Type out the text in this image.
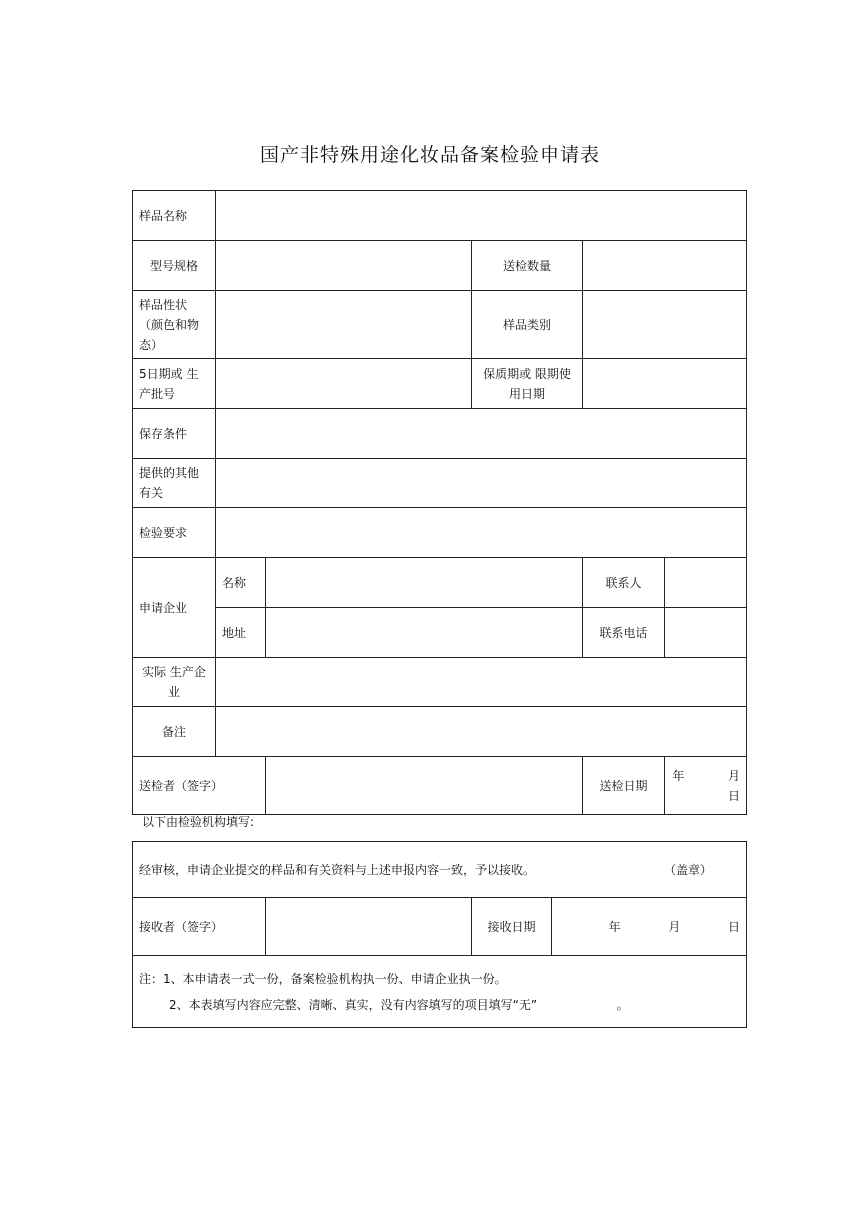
国产非特殊用途化妆品备案检验申请表
样品名称					
型号规格			送检数量		
样品性状（颜色和物态）			样品类别		
5日期或 生产批号			保质期或 限期使用日期		
保存条件					
提供的其他有关					
检验要求					
申请企业	名称			联系人	
	地址			联系电话	
实际 生产企业					
备注					
送检者（签字）				送检日期	年 月  日
以下由检验机构填写:
经审核，申请企业提交的样品和有关资料与上述申报内容一致，予以接收。	（盖章）

接收者（签字）		接收日期	年	月	日

注：1、本申请表一式一份，备案检验机构执一份、申请企业执一份。
2、本表填写内容应完整、清晰、真实，没有内容填写的项目填写“无”	。
